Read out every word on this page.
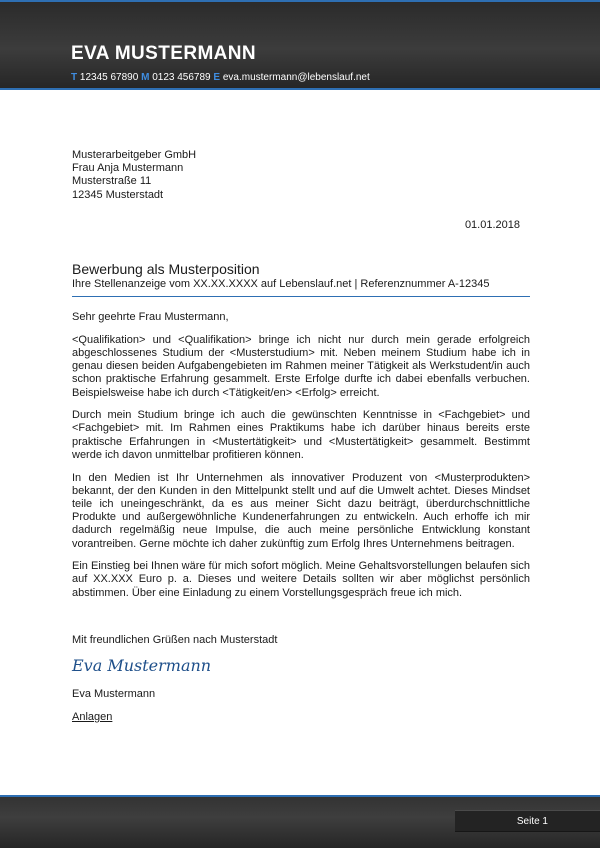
EVA MUSTERMANN
T 12345 67890 M 0123 456789 E eva.mustermann@lebenslauf.net
Musterarbeitgeber GmbH
Frau Anja Mustermann
Musterstraße 11
12345 Musterstadt
01.01.2018
Bewerbung als Musterposition
Ihre Stellenanzeige vom XX.XX.XXXX auf Lebenslauf.net | Referenznummer A-12345
Sehr geehrte Frau Mustermann,

<Qualifikation> und <Qualifikation> bringe ich nicht nur durch mein gerade erfolgreich abgeschlossenes Studium der <Musterstudium> mit. Neben meinem Studium habe ich in genau diesen beiden Aufgabengebieten im Rahmen meiner Tätigkeit als Werkstudent/in auch schon praktische Erfahrung gesammelt. Erste Erfolge durfte ich dabei ebenfalls verbuchen. Beispielsweise habe ich durch <Tätigkeit/en> <Erfolg> erreicht.

Durch mein Studium bringe ich auch die gewünschten Kenntnisse in <Fachgebiet> und <Fachgebiet> mit. Im Rahmen eines Praktikums habe ich darüber hinaus bereits erste praktische Erfahrungen in <Mustertätigkeit> und <Mustertätigkeit> gesammelt. Bestimmt werde ich davon unmittelbar profitieren können.

In den Medien ist Ihr Unternehmen als innovativer Produzent von <Musterprodukten> bekannt, der den Kunden in den Mittelpunkt stellt und auf die Umwelt achtet. Dieses Mindset teile ich uneingeschränkt, da es aus meiner Sicht dazu beiträgt, überdurchschnittliche Produkte und außergewöhnliche Kundenerfahrungen zu entwickeln. Auch erhoffe ich mir dadurch regelmäßig neue Impulse, die auch meine persönliche Entwicklung konstant vorantreiben. Gerne möchte ich daher zukünftig zum Erfolg Ihres Unternehmens beitragen.

Ein Einstieg bei Ihnen wäre für mich sofort möglich. Meine Gehaltsvorstellungen belaufen sich auf XX.XXX Euro p. a. Dieses und weitere Details sollten wir aber möglichst persönlich abstimmen. Über eine Einladung zu einem Vorstellungsgespräch freue ich mich.

Mit freundlichen Grüßen nach Musterstadt
Eva Mustermann
Eva Mustermann
Anlagen
Seite 1
